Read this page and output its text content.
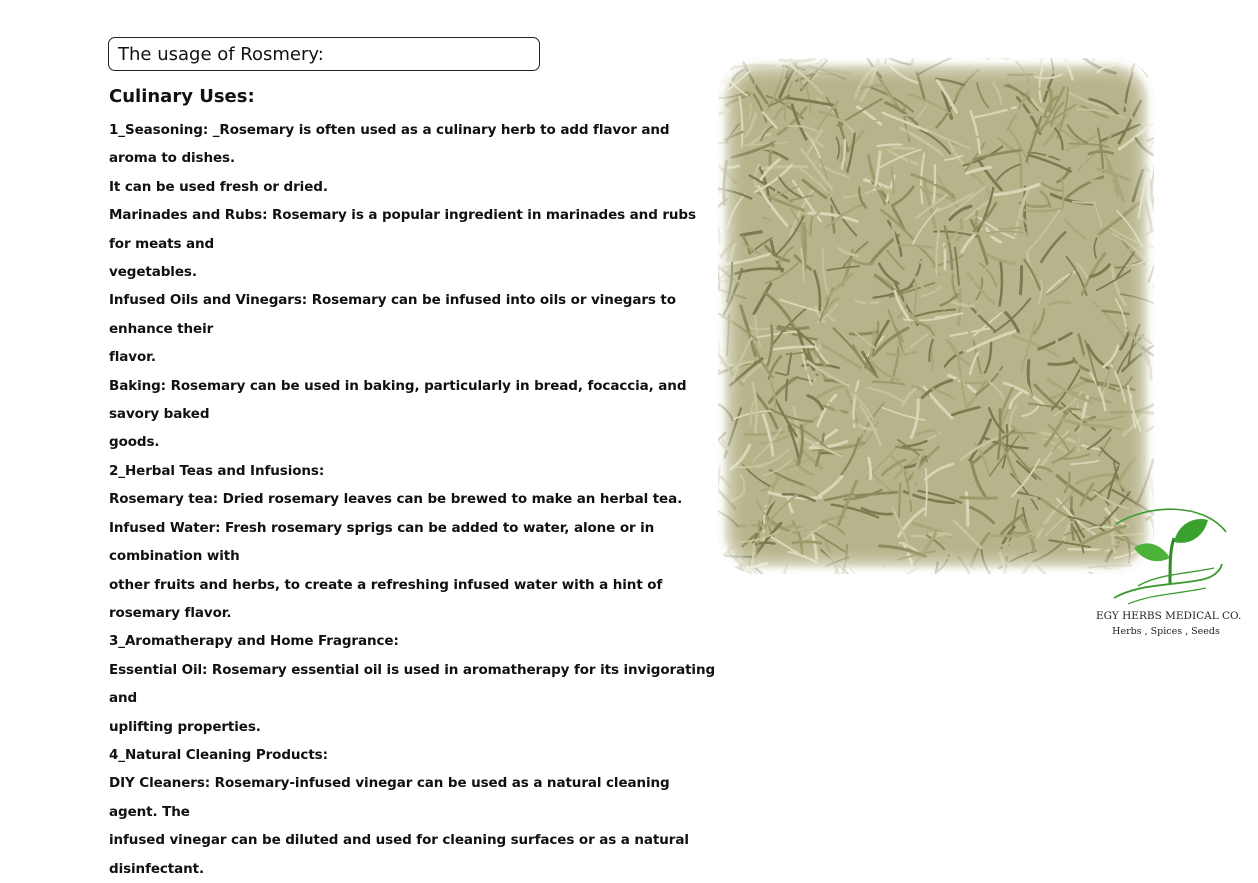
The usage of Rosmery:
Culinary Uses:

1_Seasoning: _Rosemary is often used as a culinary herb to add flavor and aroma to dishes.

It can be used fresh or dried.

Marinades and Rubs: Rosemary is a popular ingredient in marinades and rubs for meats and

vegetables.

Infused Oils and Vinegars: Rosemary can be infused into oils or vinegars to enhance their

flavor.

Baking: Rosemary can be used in baking, particularly in bread, focaccia, and savory baked

goods.

2_Herbal Teas and Infusions:

Rosemary tea: Dried rosemary leaves can be brewed to make an herbal tea.

Infused Water: Fresh rosemary sprigs can be added to water, alone or in combination with

other fruits and herbs, to create a refreshing infused water with a hint of rosemary flavor.

3_Aromatherapy and Home Fragrance:

Essential Oil: Rosemary essential oil is used in aromatherapy for its invigorating and

uplifting properties.

4_Natural Cleaning Products:

DIY Cleaners: Rosemary-infused vinegar can be used as a natural cleaning agent. The

infused vinegar can be diluted and used for cleaning surfaces or as a natural disinfectant.

EGY HERBS MEDICAL CO.
Herbs , Spices , Seeds
